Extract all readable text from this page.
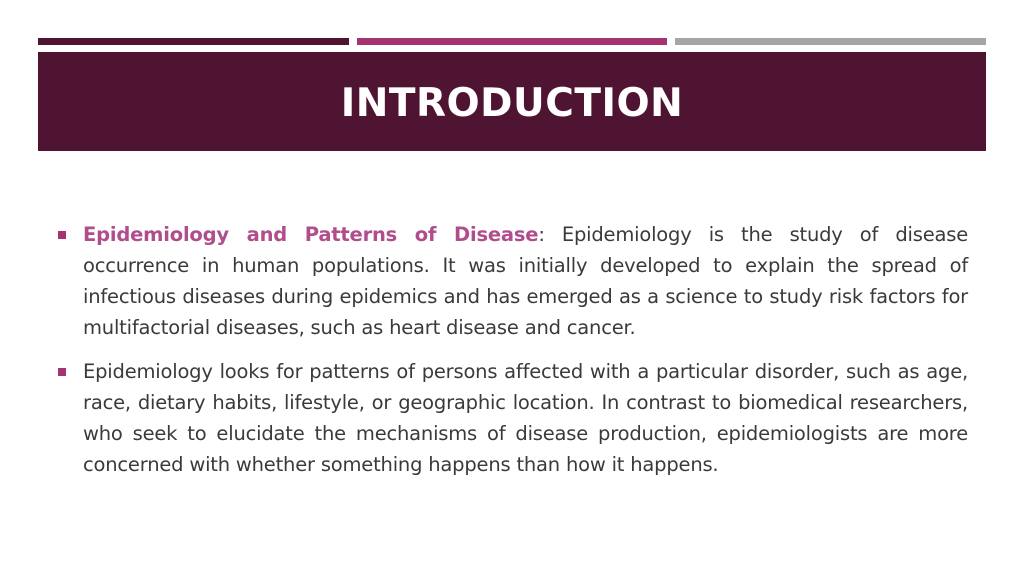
INTRODUCTION
Epidemiology and Patterns of Disease: Epidemiology is the study of disease occurrence in human populations. It was initially developed to explain the spread of infectious diseases during epidemics and has emerged as a science to study risk factors for multifactorial diseases, such as heart disease and cancer.
Epidemiology looks for patterns of persons affected with a particular disorder, such as age, race, dietary habits, lifestyle, or geographic location. In contrast to biomedical researchers, who seek to elucidate the mechanisms of disease production, epidemiologists are more concerned with whether something happens than how it happens.
